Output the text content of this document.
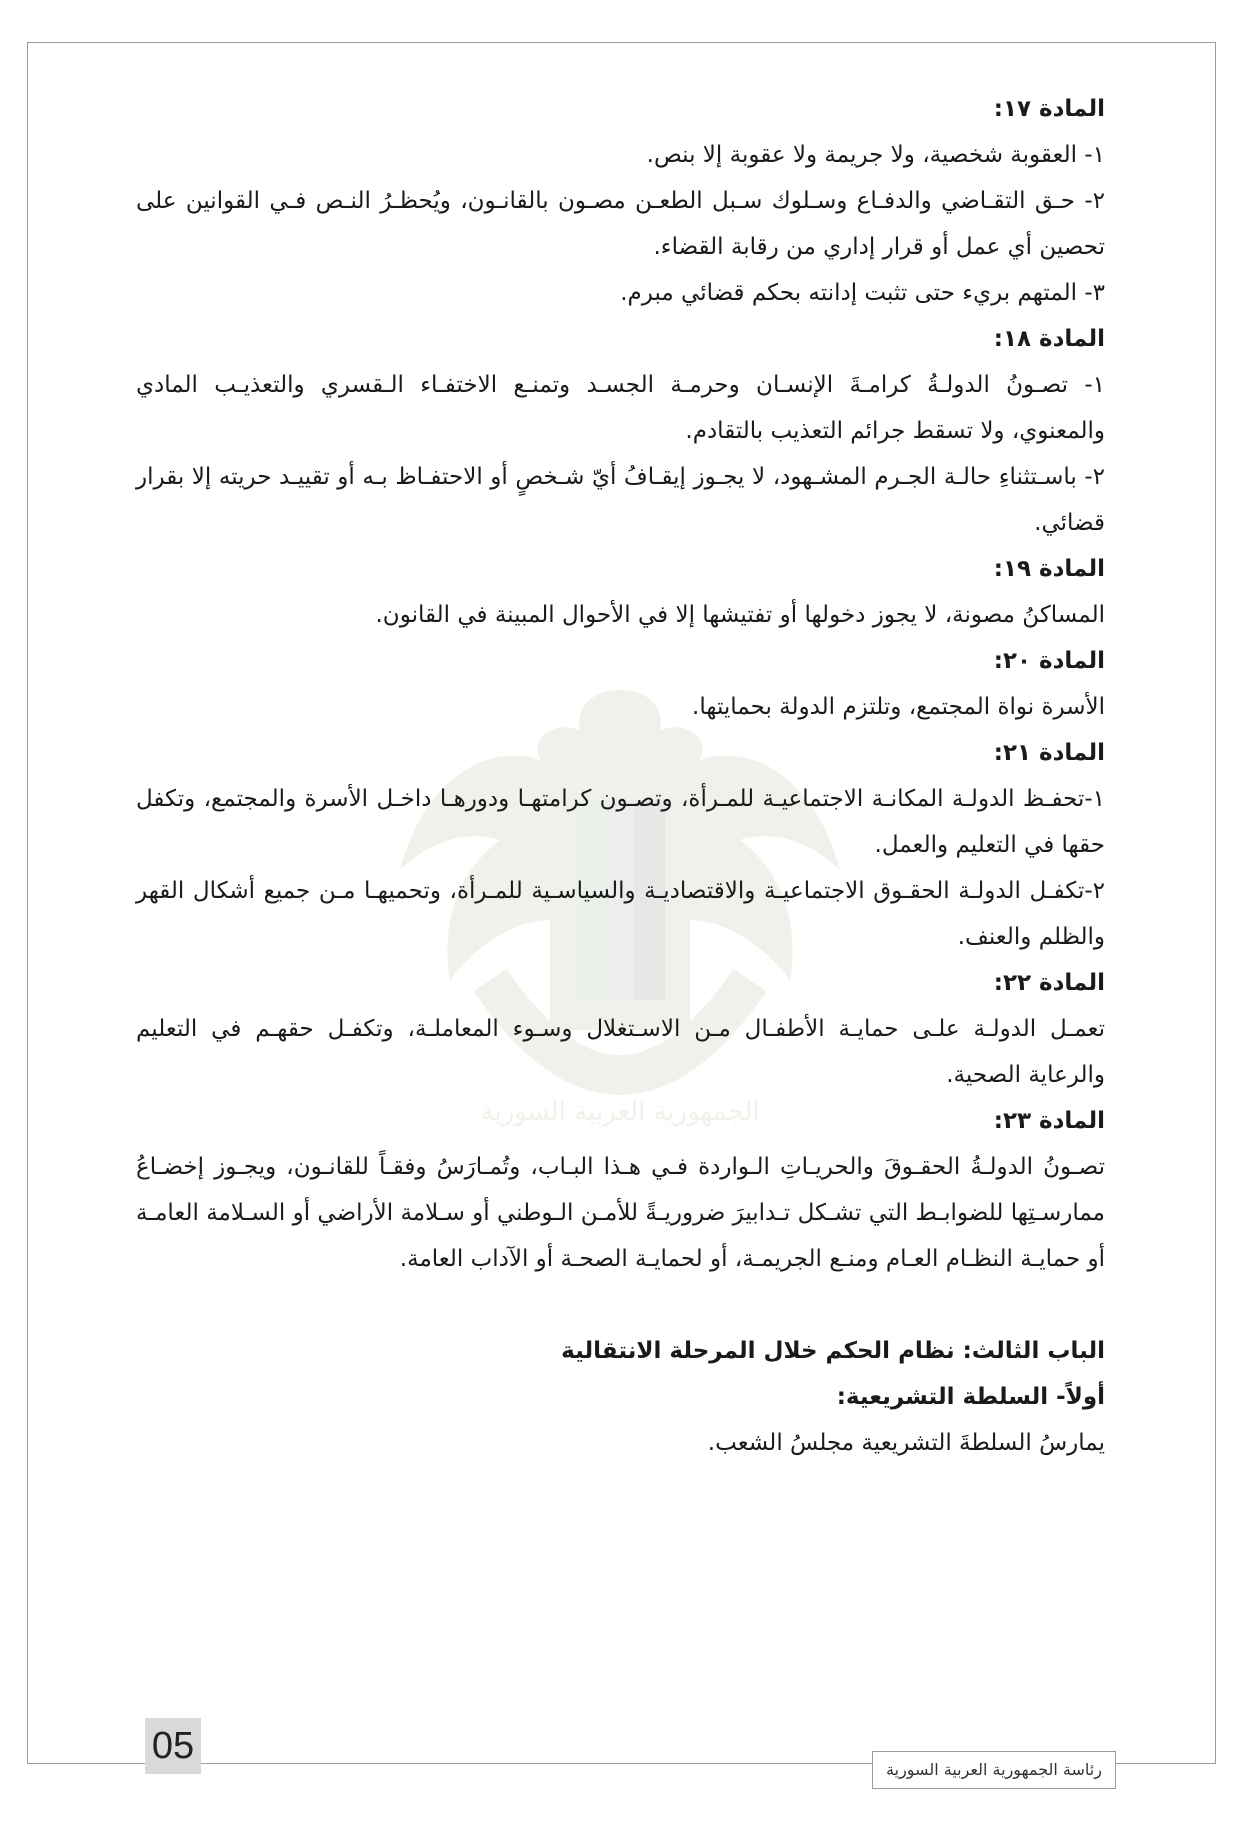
الجمهورية العربية السورية

المادة ١٧:

١- العقوبة شخصية، ولا جريمة ولا عقوبة إلا بنص.

٢- حـق التقـاضي والدفـاع وسـلوك سـبل الطعـن مصـون بالقانـون، ويُحظـرُ النـص فـي القوانين على تحصين أي عمل أو قرار إداري من رقابة القضاء.

٣- المتهم بريء حتى تثبت إدانته بحكم قضائي مبرم.

المادة ١٨:

١- تصـونُ الدولـةُ كرامـةَ الإنسـان وحرمـة الجسـد وتمنـع الاختفـاء الـقسري والتعذيـب المادي والمعنوي، ولا تسقط جرائم التعذيب بالتقادم.

٢- باسـتثناءِ حالـة الجـرم المشـهود، لا يجـوز إيقـافُ أيّ شـخصٍ أو الاحتفـاظ بـه أو تقييـد حريته إلا بقرار قضائي.

المادة ١٩:

المساكنُ مصونة، لا يجوز دخولها أو تفتيشها إلا في الأحوال المبينة في القانون.

المادة ٢٠:

الأسرة نواة المجتمع، وتلتزم الدولة بحمايتها.

المادة ٢١:

١-تحفـظ الدولـة المكانـة الاجتماعيـة للمـرأة، وتصـون كرامتهـا ودورهـا داخـل الأسرة والمجتمع، وتكفل حقها في التعليم والعمل.

٢-تكفـل الدولـة الحقـوق الاجتماعيـة والاقتصاديـة والسياسـية للمـرأة، وتحميهـا مـن جميع أشكال القهر والظلم والعنف.

المادة ٢٢:

تعمـل الدولـة علـى حمايـة الأطفـال مـن الاسـتغلال وسـوء المعاملـة، وتكفـل حقهـم في التعليم والرعاية الصحية.

المادة ٢٣:

تصـونُ الدولـةُ الحقـوقَ والحريـاتِ الـواردة فـي هـذا البـاب، وتُمـارَسُ وفقـاً للقانـون، ويجـوز إخضـاعُ ممارسـتِها للضوابـط التي تشـكل تـدابيرَ ضروريـةً للأمـن الـوطني أو سـلامة الأراضي أو السـلامة العامـة أو حمايـة النظـام العـام ومنـع الجريمـة، أو لحمايـة الصحـة أو الآداب العامة.

الباب الثالث: نظام الحكم خلال المرحلة الانتقالية

أولاً- السلطة التشريعية:

يمارسُ السلطةَ التشريعية مجلسُ الشعب.

05
رئاسة الجمهورية العربية السورية
